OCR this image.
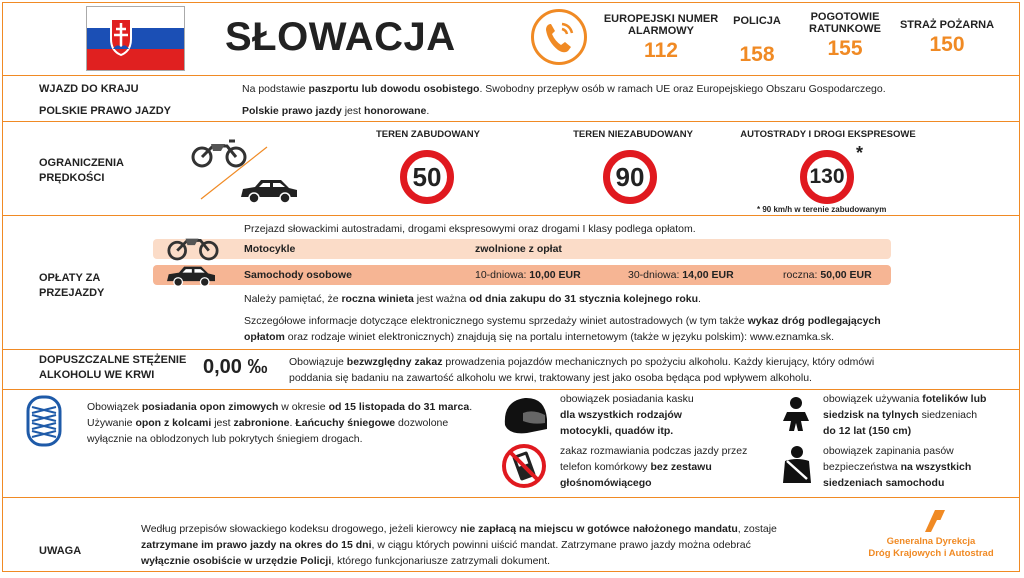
SŁOWACJA	EUROPEJSKI NUMER ALARMOWY
112
POLICJA
158
POGOTOWIE RATUNKOWE
155
STRAŻ POŻARNA
150
WJAZD DO KRAJU	Na podstawie paszportu lub dowodu osobistego. Swobodny przepływ osób w ramach UE oraz Europejskiego Obszaru Gospodarczego.
POLSKIE PRAWO JAZDY	Polskie prawo jazdy jest honorowane.
OGRANICZENIA PRĘDKOŚCI
TEREN ZABUDOWANY	TEREN NIEZABUDOWANY	AUTOSTRADY I DROGI EKSPRESOWE
50	90	130
*
* 90 km/h w terenie zabudowanym
OPŁATY ZA PRZEJAZDY
Przejazd słowackimi autostradami, drogami ekspresowymi oraz drogami I klasy podlega opłatom.
Motocykle	zwolnione z opłat
Samochody osobowe	10-dniowa: 10,00 EUR	30-dniowa: 14,00 EUR	roczna: 50,00 EUR
Należy pamiętać, że roczna winieta jest ważna od dnia zakupu do 31 stycznia kolejnego roku.
Szczegółowe informacje dotyczące elektronicznego systemu sprzedaży winiet autostradowych (w tym także wykaz dróg podlegających
opłatom oraz rodzaje winiet elektronicznych) znajdują się na portalu internetowym (także w języku polskim): www.eznamka.sk.
DOPUSZCZALNE STĘŻENIE ALKOHOLU WE KRWI	0,00 ‰ Obowiązuje bezwzględny zakaz prowadzenia pojazdów mechanicznych po spożyciu alkoholu. Każdy kierujący, który odmówi
poddania się badaniu na zawartość alkoholu we krwi, traktowany jest jako osoba będąca pod wpływem alkoholu.
Obowiązek posiadania opon zimowych w okresie od 15 listopada do 31 marca.
Używanie opon z kolcami jest zabronione. Łańcuchy śniegowe dozwolone
wyłącznie na oblodzonych lub pokrytych śniegiem drogach.
obowiązek posiadania kasku
dla wszystkich rodzajów
motocykli, quadów itp.
zakaz rozmawiania podczas jazdy przez
telefon komórkowy bez zestawu
głośnomówiącego
obowiązek używania fotelików lub
siedzisk na tylnych siedzeniach
do 12 lat (150 cm)
obowiązek zapinania pasów
bezpieczeństwa na wszystkich
siedzeniach samochodu
UWAGA
Według przepisów słowackiego kodeksu drogowego, jeżeli kierowcy nie zapłacą na miejscu w gotówce nałożonego mandatu, zostaje
zatrzymane im prawo jazdy na okres do 15 dni, w ciągu których powinni uiścić mandat. Zatrzymane prawo jazdy można odebrać
wyłącznie osobiście w urzędzie Policji, którego funkcjonariusze zatrzymali dokument.
Generalna Dyrekcja
Dróg Krajowych i Autostrad
